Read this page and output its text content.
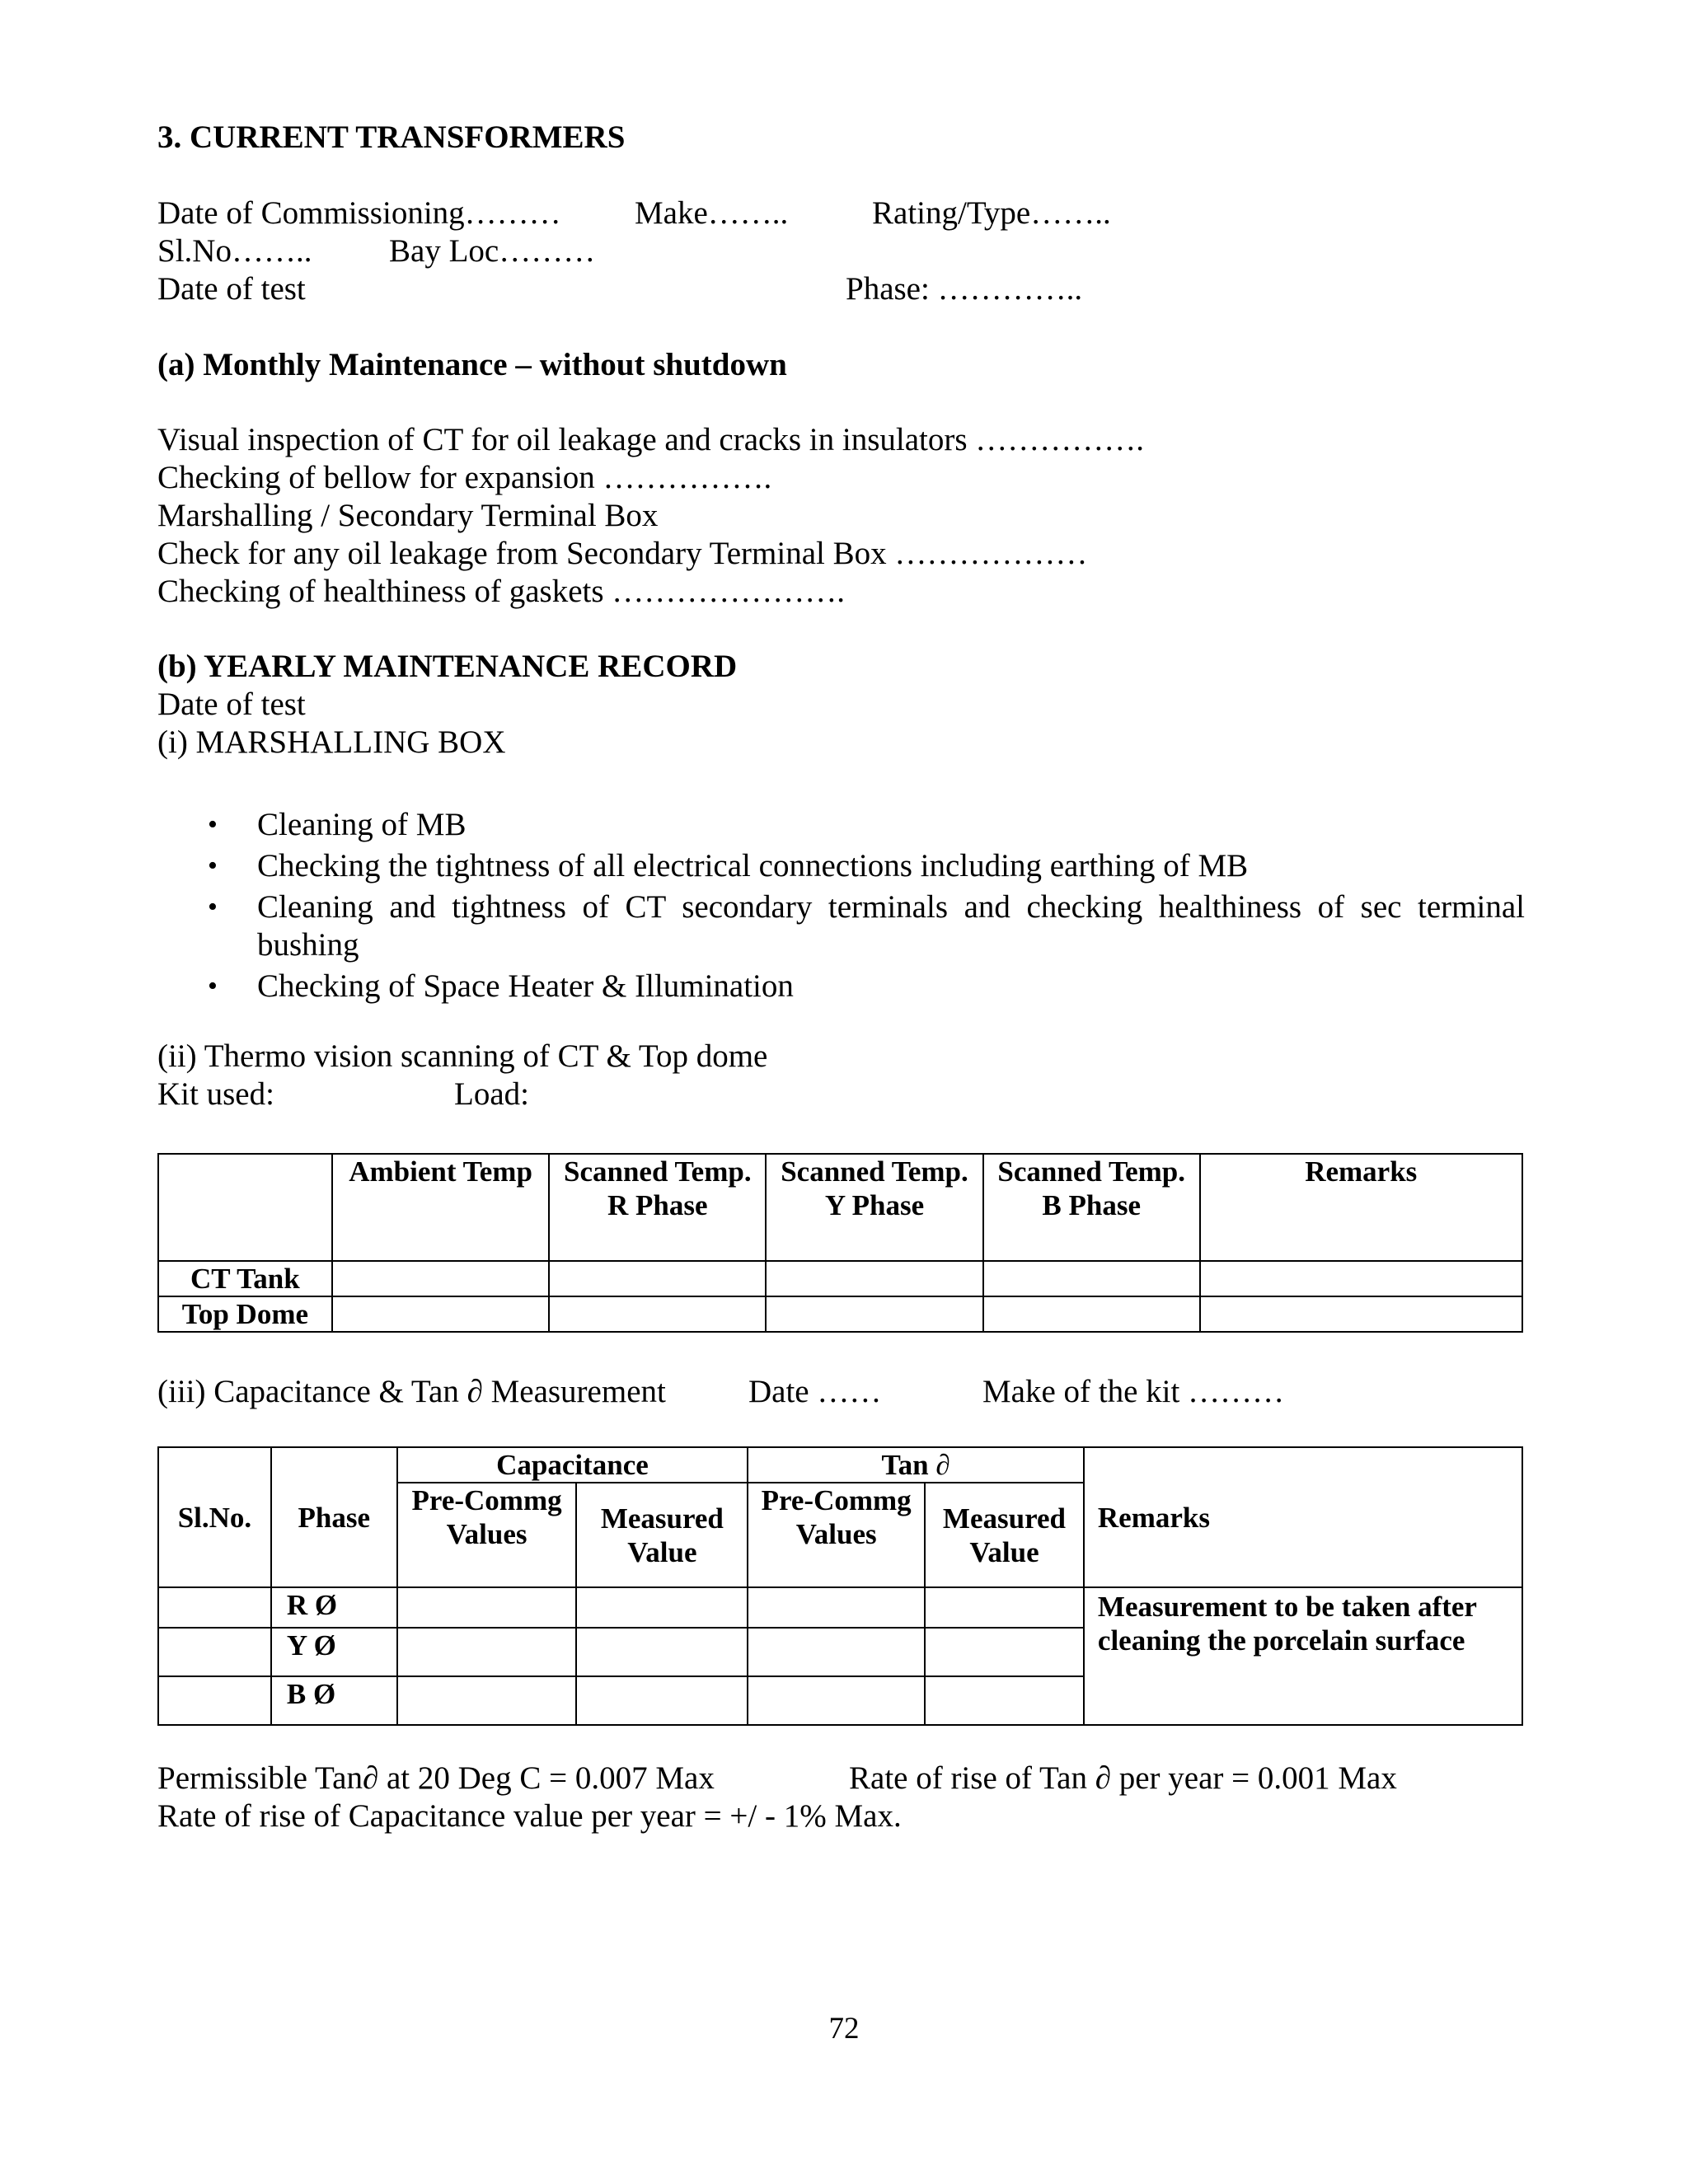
3. CURRENT TRANSFORMERS
Date of Commissioning……… Make……..	Rating/Type……..
Sl.No…….. Bay Loc………
Date of test	Phase: …………..
(a) Monthly Maintenance – without shutdown
Visual inspection of CT for oil leakage and cracks in insulators …………….
Checking of bellow for expansion …………….
Marshalling / Secondary Terminal Box
Check for any oil leakage from Secondary Terminal Box ………………
Checking of healthiness of gaskets ………………….
(b) YEARLY MAINTENANCE RECORD
Date of test
(i) MARSHALLING BOX
• Cleaning of MB
• Checking the tightness of all electrical connections including earthing of MB
• Cleaning and tightness of CT secondary terminals and checking healthiness of sec terminal bushing
• Checking of Space Heater & Illumination
(ii) Thermo vision scanning of CT & Top dome
Kit used:	Load:
	Ambient Temp	Scanned Temp. R Phase	Scanned Temp. Y Phase	Scanned Temp. B Phase	Remarks
CT Tank					
Top Dome					
(iii) Capacitance & Tan ∂ Measurement	Date ……	Make of the kit ………
Sl.No.	Phase	Capacitance		Tan ∂		Remarks
		Pre-Commg Values	Measured Value	Pre-Commg Values	Measured Value	
	R Ø					Measurement to be taken after cleaning the porcelain surface
	Y Ø					
	B Ø					
Permissible Tan∂ at 20 Deg C = 0.007 Max	Rate of rise of Tan ∂ per year = 0.001 Max
Rate of rise of Capacitance value per year = +/ - 1% Max.
72
